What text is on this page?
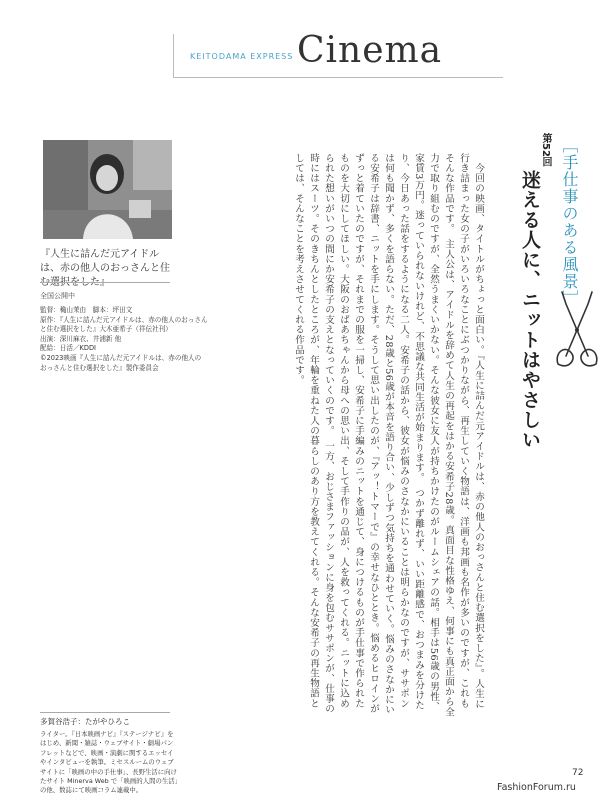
KEITODAMA EXPRESS Cinema
［手仕事のある風景］
第52回
迷える人に、ニットはやさしい
　今回の映画、タイトルがちょっと面白い。『人生に詰んだ元アイドルは、赤の他人のおっさんと住む選択をした』。人生に行き詰まった女の子がいろいろなことにぶつかりながら、再生していく物語は、洋画も邦画も名作が多いのですが、これもそんな作品です。　主人公は、アイドルを辞めて人生の再起をはかる安希子28歳。真面目な性格ゆえ、何事にも真正面から全力で取り組むのですが、全然うまくいかない。そんな彼女に友人が持ちかけたのがルームシェアの話。相手は56歳の男性、家賃3万円。迷っていられないけれど、不思議な共同生活が始まります。　つかず離れず、いい距離感で、おつまみを分けたり、今日あった話をするようになる二人。安希子の話から、彼女が悩みのさなかにいることは明らかなのですが、ササポンは何も聞かず、多くを語らない。ただ、28歳と56歳が本音を語り合い、少しずつ気持ちを通わせていく。悩みのさなかにいる安希子は辞書、ニットを手にします。そうして思い出したのが、『アッ！トマーで』の幸せなひととき。悩めるヒロインがずっと着ていたのですが、それまでの服を一掃し、安希子に手編みのニットを通じて、身につけるものが手仕事で作られたものを大切にしてほしい。大阪のおばあちゃんから母への思い出、そして手作りの品が、人を救ってくれる。ニットに込められた想いがいつの間にか安希子の支えとなっていくのです。　一方、おじさまファッションに身を包むササポンが、仕事の時にはスーツ。そのきちんとしたところが、年輪を重ねた人の暮らしのあり方を教えてくれる。そんな安希子の再生物語としては、そんなことを考えさせてくれる作品です。
『人生に詰んだ元アイドルは、赤の他人のおっさんと住
全国公開中
監督：穐山茉由　脚本：坪田文
原作：『人生に詰んだ元アイドルは、赤の他人のおっさん
と住む選択をした』大木亜希子（祥伝社刊）
出演：深川麻衣、井浦新 他
配給：日活／KDDI
©2023映画『人生に詰んだ元アイドルは、赤の他人の
おっさんと住む選択をした』製作委員会
多賀谷浩子：たがやひろこ
ライター。『日本映画ナビ』『ステージナビ』をはじめ、新聞・雑誌・ウェブサイト・劇場パンフレットなどで、映画・演劇に関するエッセイやインタビューを執筆。ミセスルームのウェブサイトに「映画の中の手仕事」、長野生活に向けたサイト Minerva Web で「映画的人間の生活」の他、数誌にて映画コラム連載中。
72
FashionForum.ru
